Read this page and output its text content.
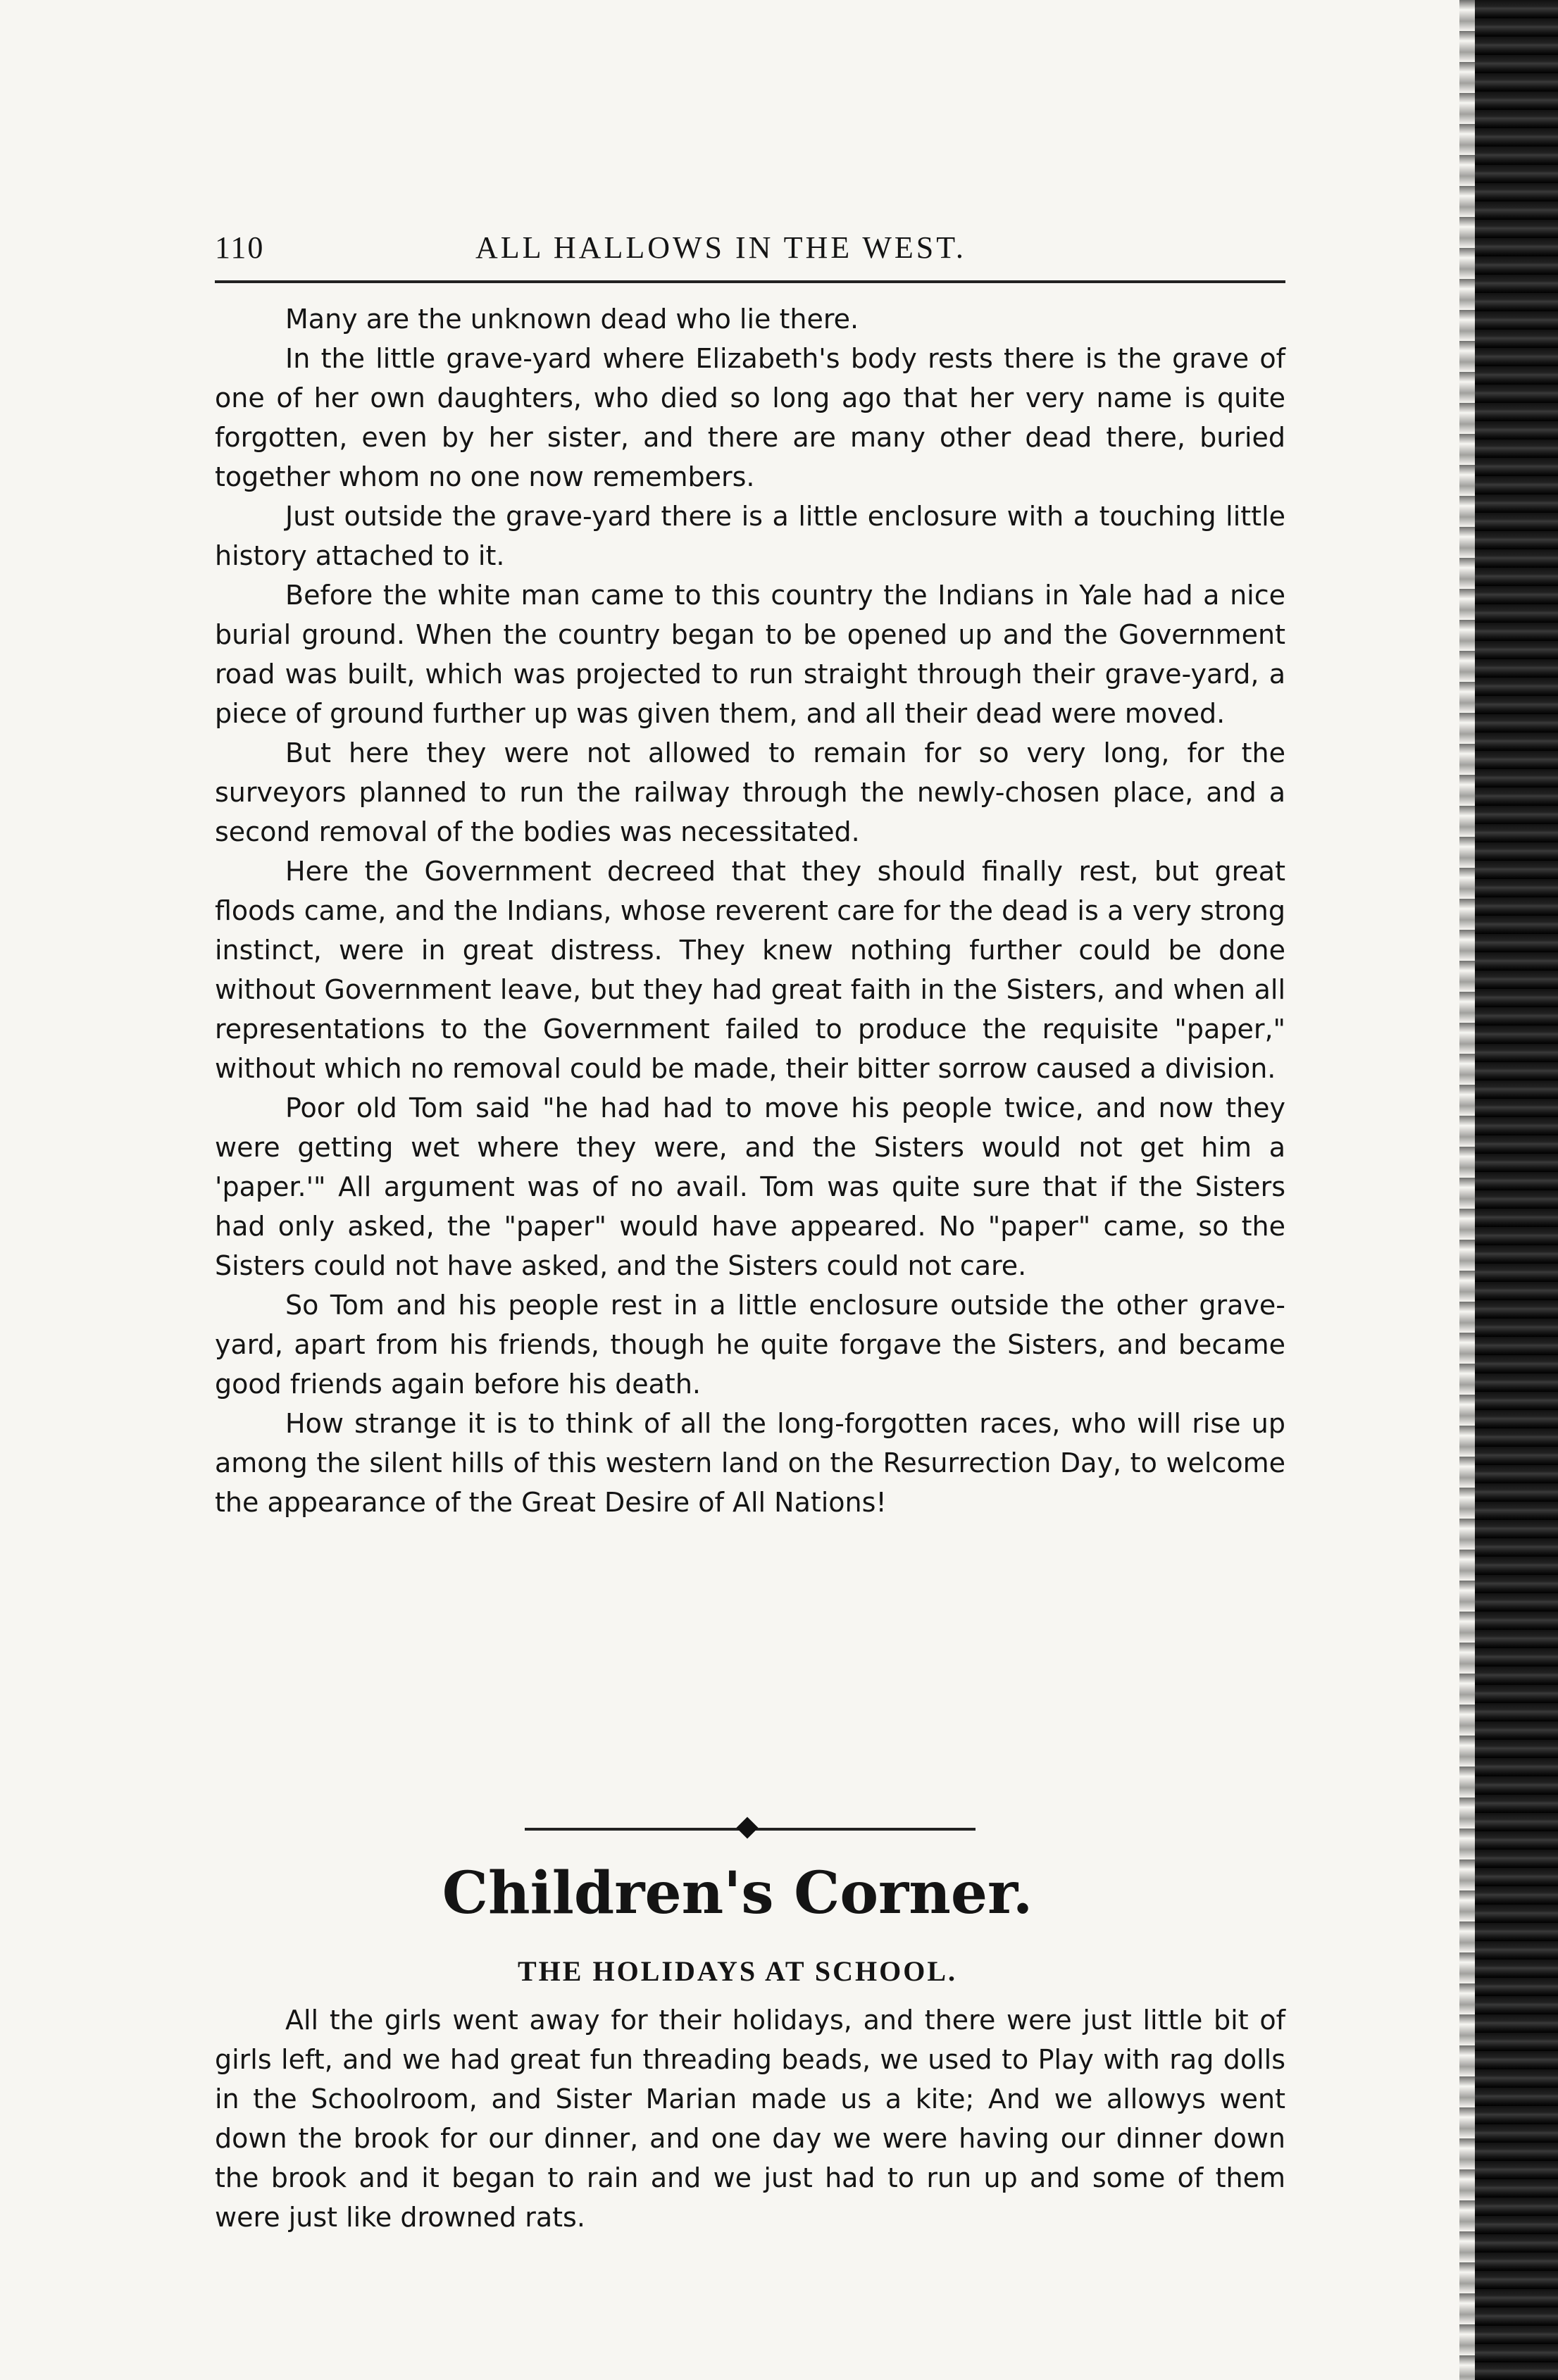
110	ALL HALLOWS IN THE WEST.

Many are the unknown dead who lie there.

In the little grave-yard where Elizabeth's body rests there is the grave of one of her own daughters, who died so long ago that her very name is quite forgotten, even by her sister, and there are many other dead there, buried together whom no one now remembers.

Just outside the grave-yard there is a little enclosure with a touching little history attached to it.

Before the white man came to this country the Indians in Yale had a nice burial ground. When the country began to be opened up and the Government road was built, which was projected to run straight through their grave-yard, a piece of ground further up was given them, and all their dead were moved.

But here they were not allowed to remain for so very long, for the surveyors planned to run the railway through the newly-chosen place, and a second removal of the bodies was necessitated.

Here the Government decreed that they should finally rest, but great floods came, and the Indians, whose reverent care for the dead is a very strong instinct, were in great distress. They knew nothing further could be done without Government leave, but they had great faith in the Sisters, and when all representations to the Government failed to produce the requisite "paper," without which no removal could be made, their bitter sorrow caused a division.

Poor old Tom said "he had had to move his people twice, and now they were getting wet where they were, and the Sisters would not get him a 'paper.'" All argument was of no avail. Tom was quite sure that if the Sisters had only asked, the "paper" would have appeared. No "paper" came, so the Sisters could not have asked, and the Sisters could not care.

So Tom and his people rest in a little enclosure outside the other grave-yard, apart from his friends, though he quite forgave the Sisters, and became good friends again before his death.

How strange it is to think of all the long-forgotten races, who will rise up among the silent hills of this western land on the Resurrection Day, to welcome the appearance of the Great Desire of All Nations!

Children's Corner.
THE HOLIDAYS AT SCHOOL.

All the girls went away for their holidays, and there were just little bit of girls left, and we had great fun threading beads, we used to Play with rag dolls in the Schoolroom, and Sister Marian made us a kite; And we allowys went down the brook for our dinner, and one day we were having our dinner down the brook and it began to rain and we just had to run up and some of them were just like drowned rats.
